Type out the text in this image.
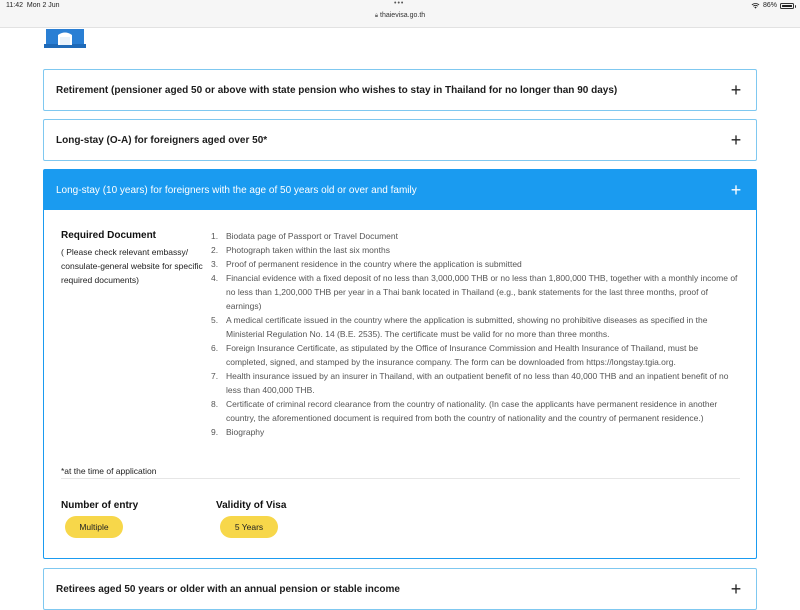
11:42 Mon 2 Jun	•••
🔒︎ thaievisa.go.th
86%
Retirement (pensioner aged 50 or above with state pension who wishes to stay in Thailand for no longer than 90 days)	+
Long-stay (O-A) for foreigners aged over 50*	+
Long-stay (10 years) for foreigners with the age of 50 years old or over and family	+
Required Document
( Please check relevant embassy/ consulate-general website for specific required documents)
1. Biodata page of Passport or Travel Document
2. Photograph taken within the last six months
3. Proof of permanent residence in the country where the application is submitted
4. Financial evidence with a fixed deposit of no less than 3,000,000 THB or no less than 1,800,000 THB, together with a monthly income of no less than 1,200,000 THB per year in a Thai bank located in Thailand (e.g., bank statements for the last three months, proof of earnings)
5. A medical certificate issued in the country where the application is submitted, showing no prohibitive diseases as specified in the Ministerial Regulation No. 14 (B.E. 2535). The certificate must be valid for no more than three months.
6. Foreign Insurance Certificate, as stipulated by the Office of Insurance Commission and Health Insurance of Thailand, must be completed, signed, and stamped by the insurance company. The form can be downloaded from https://longstay.tgia.org.
7. Health insurance issued by an insurer in Thailand, with an outpatient benefit of no less than 40,000 THB and an inpatient benefit of no less than 400,000 THB.
8. Certificate of criminal record clearance from the country of nationality. (In case the applicants have permanent residence in another country, the aforementioned document is required from both the country of nationality and the country of permanent residence.)
9. Biography
*at the time of application
Number of entry	Validity of Visa
Multiple	5 Years
Retirees aged 50 years or older with an annual pension or stable income	+
